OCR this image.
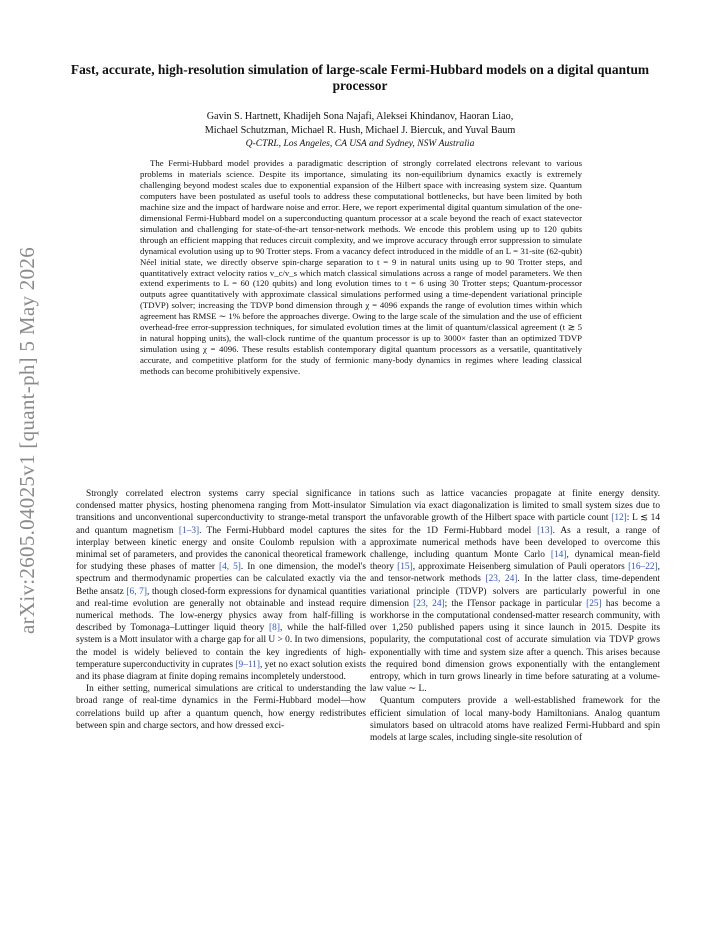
arXiv:2605.04025v1 [quant-ph] 5 May 2026
Fast, accurate, high-resolution simulation of large-scale Fermi-Hubbard models on a digital quantum processor
Gavin S. Hartnett, Khadijeh Sona Najafi, Aleksei Khindanov, Haoran Liao,
Michael Schutzman, Michael R. Hush, Michael J. Biercuk, and Yuval Baum
Q-CTRL, Los Angeles, CA USA and Sydney, NSW Australia
The Fermi-Hubbard model provides a paradigmatic description of strongly correlated electrons relevant to various problems in materials science. Despite its importance, simulating its non-equilibrium dynamics exactly is extremely challenging beyond modest scales due to exponential expansion of the Hilbert space with increasing system size. Quantum computers have been postulated as useful tools to address these computational bottlenecks, but have been limited by both machine size and the impact of hardware noise and error. Here, we report experimental digital quantum simulation of the one-dimensional Fermi-Hubbard model on a superconducting quantum processor at a scale beyond the reach of exact statevector simulation and challenging for state-of-the-art tensor-network methods. We encode this problem using up to 120 qubits through an efficient mapping that reduces circuit complexity, and we improve accuracy through error suppression to simulate dynamical evolution using up to 90 Trotter steps. From a vacancy defect introduced in the middle of an L = 31-site (62-qubit) Néel initial state, we directly observe spin-charge separation to t = 9 in natural units using up to 90 Trotter steps, and quantitatively extract velocity ratios v_c/v_s which match classical simulations across a range of model parameters. We then extend experiments to L = 60 (120 qubits) and long evolution times to t = 6 using 30 Trotter steps; Quantum-processor outputs agree quantitatively with approximate classical simulations performed using a time-dependent variational principle (TDVP) solver; increasing the TDVP bond dimension through χ = 4096 expands the range of evolution times within which agreement has RMSE ∼ 1% before the approaches diverge. Owing to the large scale of the simulation and the use of efficient overhead-free error-suppression techniques, for simulated evolution times at the limit of quantum/classical agreement (t ≳ 5 in natural hopping units), the wall-clock runtime of the quantum processor is up to 3000× faster than an optimized TDVP simulation using χ = 4096. These results establish contemporary digital quantum processors as a versatile, quantitatively accurate, and competitive platform for the study of fermionic many-body dynamics in regimes where leading classical methods can become prohibitively expensive.

Strongly correlated electron systems carry special significance in condensed matter physics, hosting phenomena ranging from Mott-insulator transitions and unconventional superconductivity to strange-metal transport and quantum magnetism [1–3]. The Fermi-Hubbard model captures the interplay between kinetic energy and onsite Coulomb repulsion with a minimal set of parameters, and provides the canonical theoretical framework for studying these phases of matter [4, 5]. In one dimension, the model's spectrum and thermodynamic properties can be calculated exactly via the Bethe ansatz [6, 7], though closed-form expressions for dynamical quantities and real-time evolution are generally not obtainable and instead require numerical methods. The low-energy physics away from half-filling is described by Tomonaga–Luttinger liquid theory [8], while the half-filled system is a Mott insulator with a charge gap for all U > 0. In two dimensions, the model is widely believed to contain the key ingredients of high-temperature superconductivity in cuprates [9–11], yet no exact solution exists and its phase diagram at finite doping remains incompletely understood.

In either setting, numerical simulations are critical to understanding the broad range of real-time dynamics in the Fermi-Hubbard model—how correlations build up after a quantum quench, how energy redistributes between spin and charge sectors, and how dressed exci-

tations such as lattice vacancies propagate at finite energy density. Simulation via exact diagonalization is limited to small system sizes due to the unfavorable growth of the Hilbert space with particle count [12]: L ≲ 14 sites for the 1D Fermi-Hubbard model [13]. As a result, a range of approximate numerical methods have been developed to overcome this challenge, including quantum Monte Carlo [14], dynamical mean-field theory [15], approximate Heisenberg simulation of Pauli operators [16–22], and tensor-network methods [23, 24]. In the latter class, time-dependent variational principle (TDVP) solvers are particularly powerful in one dimension [23, 24]; the ITensor package in particular [25] has become a workhorse in the computational condensed-matter research community, with over 1,250 published papers using it since launch in 2015. Despite its popularity, the computational cost of accurate simulation via TDVP grows exponentially with time and system size after a quench. This arises because the required bond dimension grows exponentially with the entanglement entropy, which in turn grows linearly in time before saturating at a volume-law value ∼ L.

Quantum computers provide a well-established framework for the efficient simulation of local many-body Hamiltonians. Analog quantum simulators based on ultracold atoms have realized Fermi-Hubbard and spin models at large scales, including single-site resolution of
